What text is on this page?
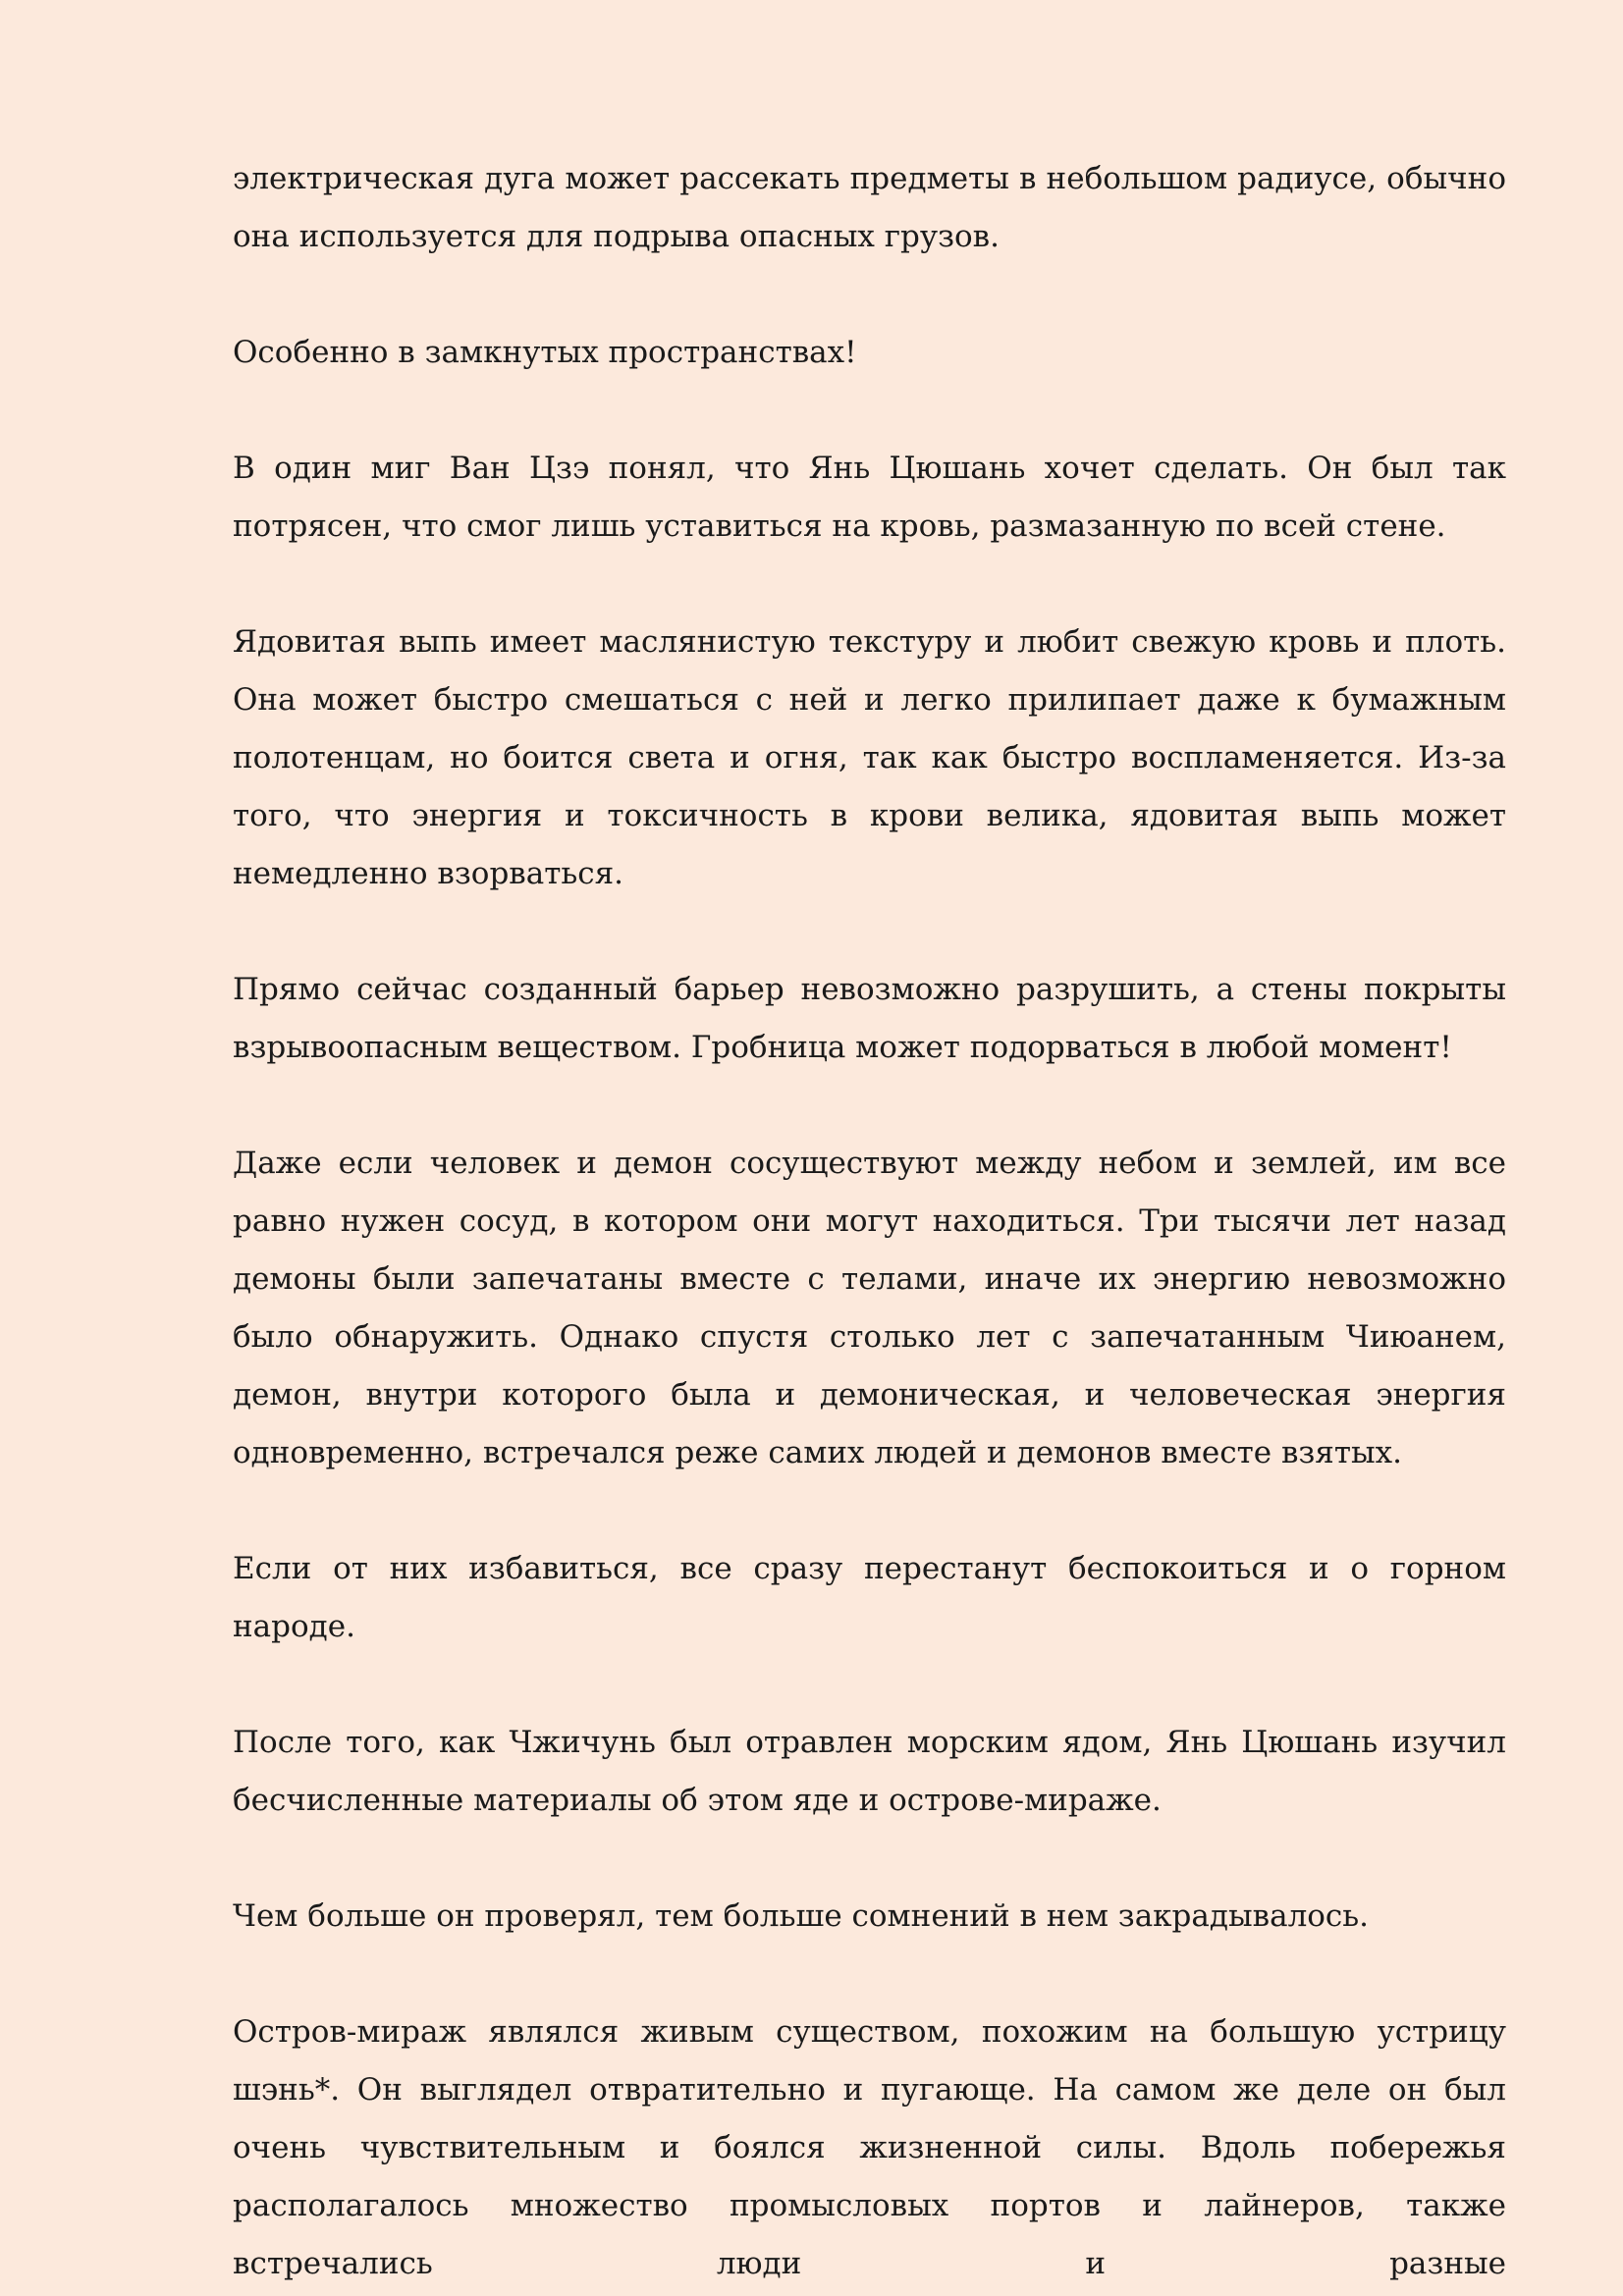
электрическая дуга может рассекать предметы в небольшом радиусе, обычно она используется для подрыва опасных грузов.

Особенно в замкнутых пространствах!

В один миг Ван Цзэ понял, что Янь Цюшань хочет сделать. Он был так потрясен, что смог лишь уставиться на кровь, размазанную по всей стене.

Ядовитая выпь имеет маслянистую текстуру и любит свежую кровь и плоть. Она может быстро смешаться с ней и легко прилипает даже к бумажным полотенцам, но боится света и огня, так как быстро воспламеняется. Из-за того, что энергия и токсичность в крови велика, ядовитая выпь может немедленно взорваться.

Прямо сейчас созданный барьер невозможно разрушить, а стены покрыты взрывоопасным веществом. Гробница может подорваться в любой момент!

Даже если человек и демон сосуществуют между небом и землей, им все равно нужен сосуд, в котором они могут находиться. Три тысячи лет назад демоны были запечатаны вместе с телами, иначе их энергию невозможно было обнаружить. Однако спустя столько лет с запечатанным Чиюанем, демон, внутри которого была и демоническая, и человеческая энергия одновременно, встречался реже самих людей и демонов вместе взятых.

Если от них избавиться, все сразу перестанут беспокоиться и о горном народе.

После того, как Чжичунь был отравлен морским ядом, Янь Цюшань изучил бесчисленные материалы об этом яде и острове-мираже.

Чем больше он проверял, тем больше сомнений в нем закрадывалось.

Остров-мираж являлся живым существом, похожим на большую устрицу шэнь*. Он выглядел отвратительно и пугающе. На самом же деле он был очень чувствительным и боялся жизненной силы. Вдоль побережья располагалось множество промысловых портов и лайнеров, также встречались люди и разные
